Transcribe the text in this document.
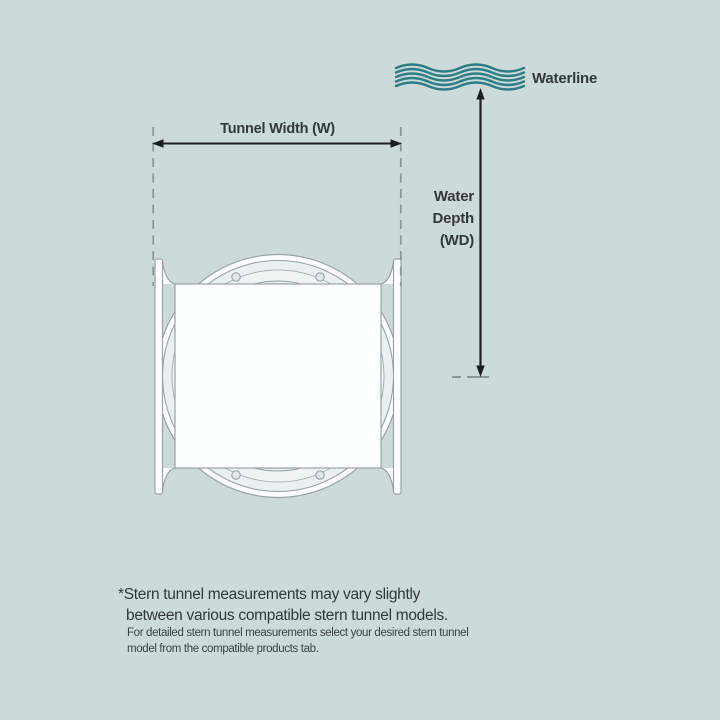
Waterline
Tunnel Width (W)
Water
Depth
(WD)
*Stern tunnel measurements may vary slightly
between various compatible stern tunnel models.
For detailed stern tunnel measurements select your desired stern tunnel
model from the compatible products tab.
